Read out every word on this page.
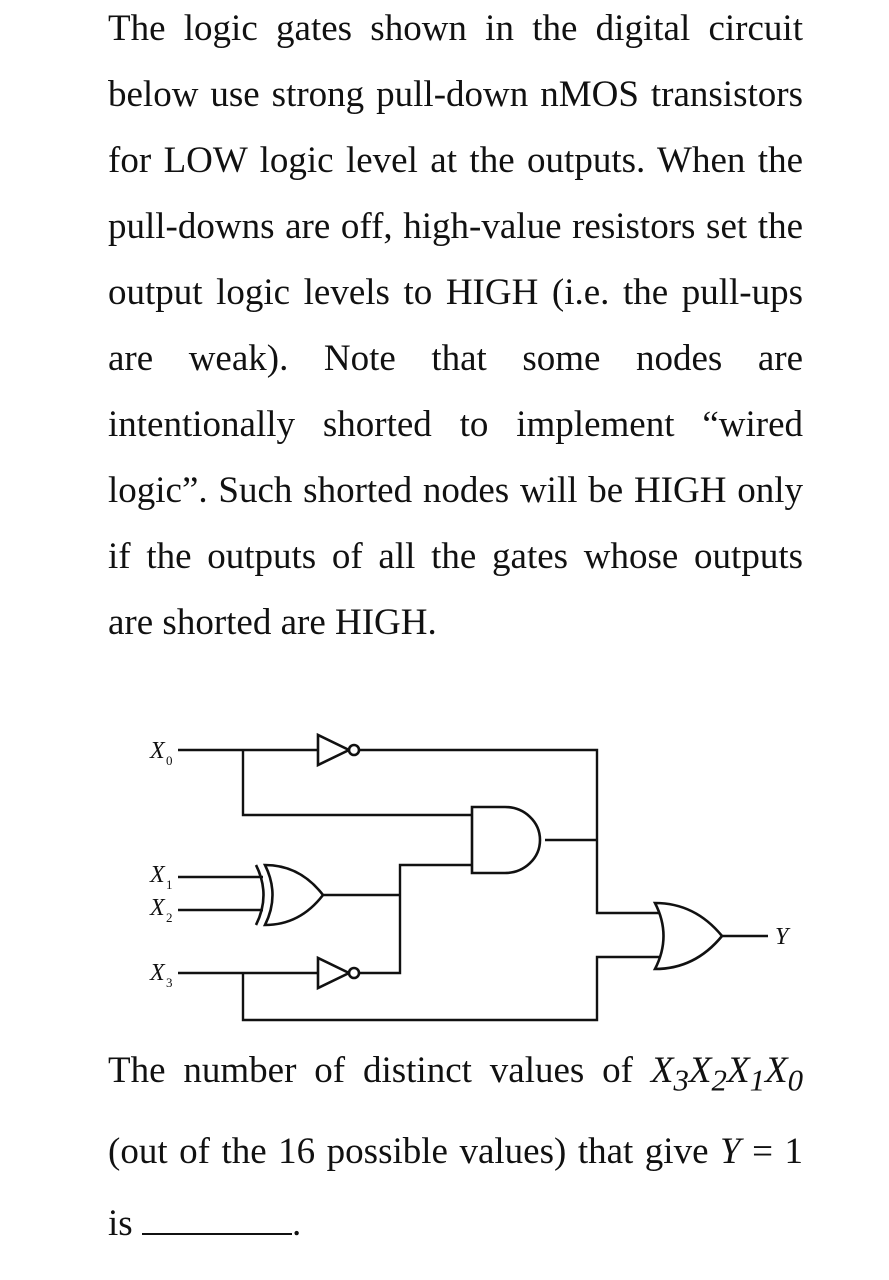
The logic gates shown in the digital circuit below use strong pull-down nMOS transistors for LOW logic level at the outputs. When the pull-downs are off, high-value resistors set the output logic levels to HIGH (i.e. the pull-ups are weak). Note that some nodes are intentionally shorted to implement “wired logic”. Such shorted nodes will be HIGH only if the outputs of all the gates whose outputs are shorted are HIGH.

X 0
X 1
X 2
X 3
Y

The number of distinct values of $X_3X_2X_1X_0$ (out of the 16 possible values) that give Y = 1 is	.
